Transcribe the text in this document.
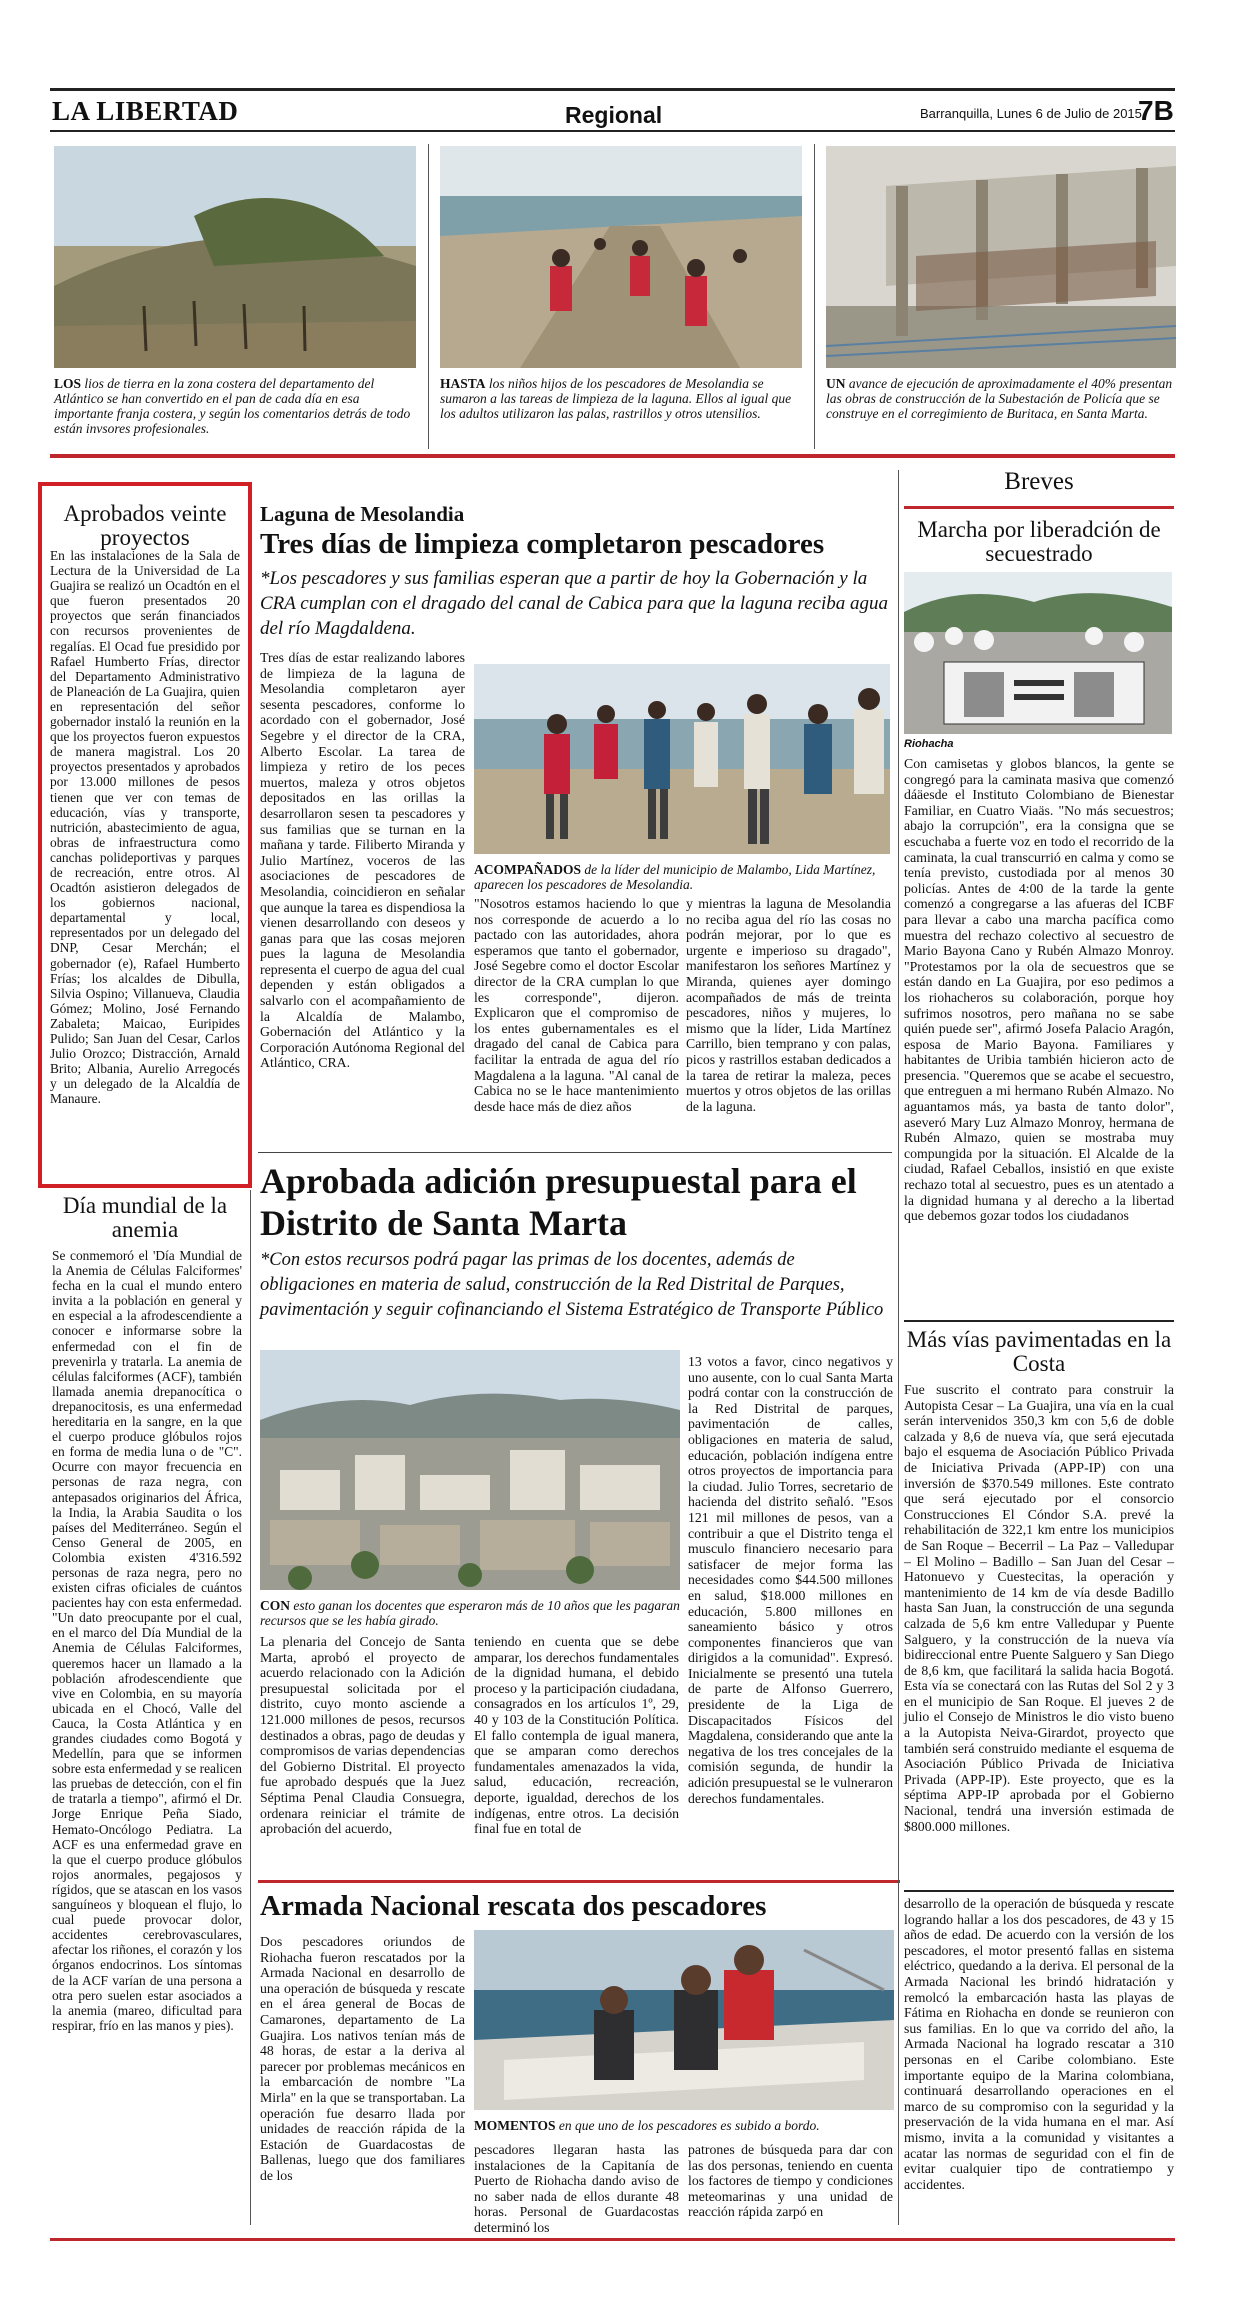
LA LIBERTAD	Regional	Barranquilla, Lunes 6 de Julio de 2015
7B
LOS lios de tierra en la zona costera del departamento del Atlántico se han convertido en el pan de cada día en esa importante franja costera, y según los comentarios detrás de todo están invsores profesionales.
HASTA los niños hijos de los pescadores de Mesolandia se sumaron a las tareas de limpieza de la laguna. Ellos al igual que los adultos utilizaron las palas, rastrillos y otros utensilios.
UN avance de ejecución de aproximadamente el 40% presentan las obras de construcción de la Subestación de Policía que se construye en el corregimiento de Buritaca, en Santa Marta.
Aprobados veinte proyectos
En las instalaciones de la Sala de Lectura de la Universidad de La Guajira se realizó un Ocadtón en el que fueron presentados 20 proyectos que serán financiados con recursos provenientes de regalías. El Ocad fue presidido por Rafael Humberto Frías, director del Departamento Administrativo de Planeación de La Guajira, quien en representación del señor gobernador instaló la reunión en la que los proyectos fueron expuestos de manera magistral. Los 20 proyectos presentados y aprobados por 13.000 millones de pesos tienen que ver con temas de educación, vías y transporte, nutrición, abastecimiento de agua, obras de infraestructura como canchas polideportivas y parques de recreación, entre otros. Al Ocadtón asistieron delegados de los gobiernos nacional, departamental y local, representados por un delegado del DNP, Cesar Merchán; el gobernador (e), Rafael Humberto Frías; los alcaldes de Dibulla, Silvia Ospino; Villanueva, Claudia Gómez; Molino, José Fernando Zabaleta; Maicao, Euripides Pulido; San Juan del Cesar, Carlos Julio Orozco; Distracción, Arnald Brito; Albania, Aurelio Arregocés y un delegado de la Alcaldía de Manaure.
Día mundial de la anemia
Se conmemoró el 'Día Mundial de la Anemia de Células Falciformes' fecha en la cual el mundo entero invita a la población en general y en especial a la afrodescendiente a conocer e informarse sobre la enfermedad con el fin de prevenirla y tratarla. La anemia de células falciformes (ACF), también llamada anemia drepanocítica o drepanocitosis, es una enfermedad hereditaria en la sangre, en la que el cuerpo produce glóbulos rojos en forma de media luna o de "C". Ocurre con mayor frecuencia en personas de raza negra, con antepasados originarios del África, la India, la Arabia Saudita o los países del Mediterráneo. Según el Censo General de 2005, en Colombia existen 4'316.592 personas de raza negra, pero no existen cifras oficiales de cuántos pacientes hay con esta enfermedad. "Un dato preocupante por el cual, en el marco del Día Mundial de la Anemia de Células Falciformes, queremos hacer un llamado a la población afrodescendiente que vive en Colombia, en su mayoría ubicada en el Chocó, Valle del Cauca, la Costa Atlántica y en grandes ciudades como Bogotá y Medellín, para que se informen sobre esta enfermedad y se realicen las pruebas de detección, con el fin de tratarla a tiempo", afirmó el Dr. Jorge Enrique Peña Siado, Hemato-Oncólogo Pediatra. La ACF es una enfermedad grave en la que el cuerpo produce glóbulos rojos anormales, pegajosos y rígidos, que se atascan en los vasos sanguíneos y bloquean el flujo, lo cual puede provocar dolor, accidentes cerebrovasculares, afectar los riñones, el corazón y los órganos endocrinos. Los síntomas de la ACF varían de una persona a otra pero suelen estar asociados a la anemia (mareo, dificultad para respirar, frío en las manos y pies).
Laguna de Mesolandia
Tres días de limpieza completaron pescadores
*Los pescadores y sus familias esperan que a partir de hoy la Gobernación y la CRA cumplan con el dragado del canal de Cabica para que la laguna reciba agua del río Magdaldena.
Tres días de estar realizando labores de limpieza de la laguna de Mesolandia completaron ayer sesenta pescadores, conforme lo acordado con el gobernador, José Segebre y el director de la CRA, Alberto Escolar. La tarea de limpieza y retiro de los peces muertos, maleza y otros objetos depositados en las orillas la desarrollaron sesen ta pescadores y sus familias que se turnan en la mañana y tarde. Filiberto Miranda y Julio Martínez, voceros de las asociaciones de pescadores de Mesolandia, coincidieron en señalar que aunque la tarea es dispendiosa la vienen desarrollando con deseos y ganas para que las cosas mejoren pues la laguna de Mesolandia representa el cuerpo de agua del cual dependen y están obligados a salvarlo con el acompañamiento de la Alcaldía de Malambo, Gobernación del Atlántico y la Corporación Autónoma Regional del Atlántico, CRA.
ACOMPAÑADOS de la líder del municipio de Malambo, Lida Martínez, aparecen los pescadores de Mesolandia.
"Nosotros estamos haciendo lo que nos corresponde de acuerdo a lo pactado con las autoridades, ahora esperamos que tanto el gobernador, José Segebre como el doctor Escolar director de la CRA cumplan lo que les corresponde", dijeron. Explicaron que el compromiso de los entes gubernamentales es el dragado del canal de Cabica para facilitar la entrada de agua del río Magdalena a la laguna. "Al canal de Cabica no se le hace mantenimiento desde hace más de diez años
y mientras la laguna de Mesolandia no reciba agua del río las cosas no podrán mejorar, por lo que es urgente e imperioso su dragado", manifestaron los señores Martínez y Miranda, quienes ayer domingo acompañados de más de treinta pescadores, niños y mujeres, lo mismo que la líder, Lida Martínez Carrillo, bien temprano y con palas, picos y rastrillos estaban dedicados a la tarea de retirar la maleza, peces muertos y otros objetos de las orillas de la laguna.
Aprobada adición presupuestal para el Distrito de Santa Marta
*Con estos recursos podrá pagar las primas de los docentes, además de obligaciones en materia de salud, construcción de la Red Distrital de Parques, pavimentación y seguir cofinanciando el Sistema Estratégico de Transporte Público
CON esto ganan los docentes que esperaron más de 10 años que les pagaran recursos que se les había girado.
La plenaria del Concejo de Santa Marta, aprobó el proyecto de acuerdo relacionado con la Adición presupuestal solicitada por el distrito, cuyo monto asciende a 121.000 millones de pesos, recursos destinados a obras, pago de deudas y compromisos de varias dependencias del Gobierno Distrital. El proyecto fue aprobado después que la Juez Séptima Penal Claudia Consuegra, ordenara reiniciar el trámite de aprobación del acuerdo,
teniendo en cuenta que se debe amparar, los derechos fundamentales de la dignidad humana, el debido proceso y la participación ciudadana, consagrados en los artículos 1º, 29, 40 y 103 de la Constitución Política. El fallo contempla de igual manera, que se amparan como derechos fundamentales amenazados la vida, salud, educación, recreación, deporte, igualdad, derechos de los indígenas, entre otros. La decisión final fue en total de
13 votos a favor, cinco negativos y uno ausente, con lo cual Santa Marta podrá contar con la construcción de la Red Distrital de parques, pavimentación de calles, obligaciones en materia de salud, educación, población indígena entre otros proyectos de importancia para la ciudad. Julio Torres, secretario de hacienda del distrito señaló. "Esos 121 mil millones de pesos, van a contribuir a que el Distrito tenga el musculo financiero necesario para satisfacer de mejor forma las necesidades como $44.500 millones en salud, $18.000 millones en educación, 5.800 millones en saneamiento básico y otros componentes financieros que van dirigidos a la comunidad". Expresó. Inicialmente se presentó una tutela de parte de Alfonso Guerrero, presidente de la Liga de Discapacitados Físicos del Magdalena, considerando que ante la negativa de los tres concejales de la comisión segunda, de hundir la adición presupuestal se le vulneraron derechos fundamentales.
Armada Nacional rescata dos pescadores
Dos pescadores oriundos de Riohacha fueron rescatados por la Armada Nacional en desarrollo de una operación de búsqueda y rescate en el área general de Bocas de Camarones, departamento de La Guajira. Los nativos tenían más de 48 horas, de estar a la deriva al parecer por problemas mecánicos en la embarcación de nombre "La Mirla" en la que se transportaban. La operación fue desarro llada por unidades de reacción rápida de la Estación de Guardacostas de Ballenas, luego que dos familiares de los
MOMENTOS en que uno de los pescadores es subido a bordo.
pescadores llegaran hasta las instalaciones de la Capitanía de Puerto de Riohacha dando aviso de no saber nada de ellos durante 48 horas. Personal de Guardacostas determinó los
patrones de búsqueda para dar con las dos personas, teniendo en cuenta los factores de tiempo y condiciones meteomarinas y una unidad de reacción rápida zarpó en
desarrollo de la operación de búsqueda y rescate logrando hallar a los dos pescadores, de 43 y 15 años de edad. De acuerdo con la versión de los pescadores, el motor presentó fallas en sistema eléctrico, quedando a la deriva. El personal de la Armada Nacional les brindó hidratación y remolcó la embarcación hasta las playas de Fátima en Riohacha en donde se reunieron con sus familias. En lo que va corrido del año, la Armada Nacional ha logrado rescatar a 310 personas en el Caribe colombiano. Este importante equipo de la Marina colombiana, continuará desarrollando operaciones en el marco de su compromiso con la seguridad y la preservación de la vida humana en el mar. Así mismo, invita a la comunidad y visitantes a acatar las normas de seguridad con el fin de evitar cualquier tipo de contratiempo y accidentes.
Breves
Marcha por liberadción de secuestrado
Riohacha
Con camisetas y globos blancos, la gente se congregó para la caminata masiva que comenzó dáäesde el Instituto Colombiano de Bienestar Familiar, en Cuatro Viaäs. "No más secuestros; abajo la corrupción", era la consigna que se escuchaba a fuerte voz en todo el recorrido de la caminata, la cual transcurrió en calma y como se tenía previsto, custodiada por al menos 30 policías. Antes de 4:00 de la tarde la gente comenzó a congregarse a las afueras del ICBF para llevar a cabo una marcha pacífica como muestra del rechazo colectivo al secuestro de Mario Bayona Cano y Rubén Almazo Monroy. "Protestamos por la ola de secuestros que se están dando en La Guajira, por eso pedimos a los riohacheros su colaboración, porque hoy sufrimos nosotros, pero mañana no se sabe quién puede ser", afirmó Josefa Palacio Aragón, esposa de Mario Bayona. Familiares y habitantes de Uribia también hicieron acto de presencia. "Queremos que se acabe el secuestro, que entreguen a mi hermano Rubén Almazo. No aguantamos más, ya basta de tanto dolor", aseveró Mary Luz Almazo Monroy, hermana de Rubén Almazo, quien se mostraba muy compungida por la situación. El Alcalde de la ciudad, Rafael Ceballos, insistió en que existe rechazo total al secuestro, pues es un atentado a la dignidad humana y al derecho a la libertad que debemos gozar todos los ciudadanos
Más vías pavimentadas en la Costa
Fue suscrito el contrato para construir la Autopista Cesar – La Guajira, una vía en la cual serán intervenidos 350,3 km con 5,6 de doble calzada y 8,6 de nueva vía, que será ejecutada bajo el esquema de Asociación Público Privada de Iniciativa Privada (APP-IP) con una inversión de $370.549 millones. Este contrato que será ejecutado por el consorcio Construcciones El Cóndor S.A. prevé la rehabilitación de 322,1 km entre los municipios de San Roque – Becerril – La Paz – Valledupar – El Molino – Badillo – San Juan del Cesar – Hatonuevo y Cuestecitas, la operación y mantenimiento de 14 km de vía desde Badillo hasta San Juan, la construcción de una segunda calzada de 5,6 km entre Valledupar y Puente Salguero, y la construcción de la nueva vía bidireccional entre Puente Salguero y San Diego de 8,6 km, que facilitará la salida hacia Bogotá. Esta vía se conectará con las Rutas del Sol 2 y 3 en el municipio de San Roque. El jueves 2 de julio el Consejo de Ministros le dio visto bueno a la Autopista Neiva-Girardot, proyecto que también será construido mediante el esquema de Asociación Público Privada de Iniciativa Privada (APP-IP). Este proyecto, que es la séptima APP-IP aprobada por el Gobierno Nacional, tendrá una inversión estimada de $800.000 millones.
